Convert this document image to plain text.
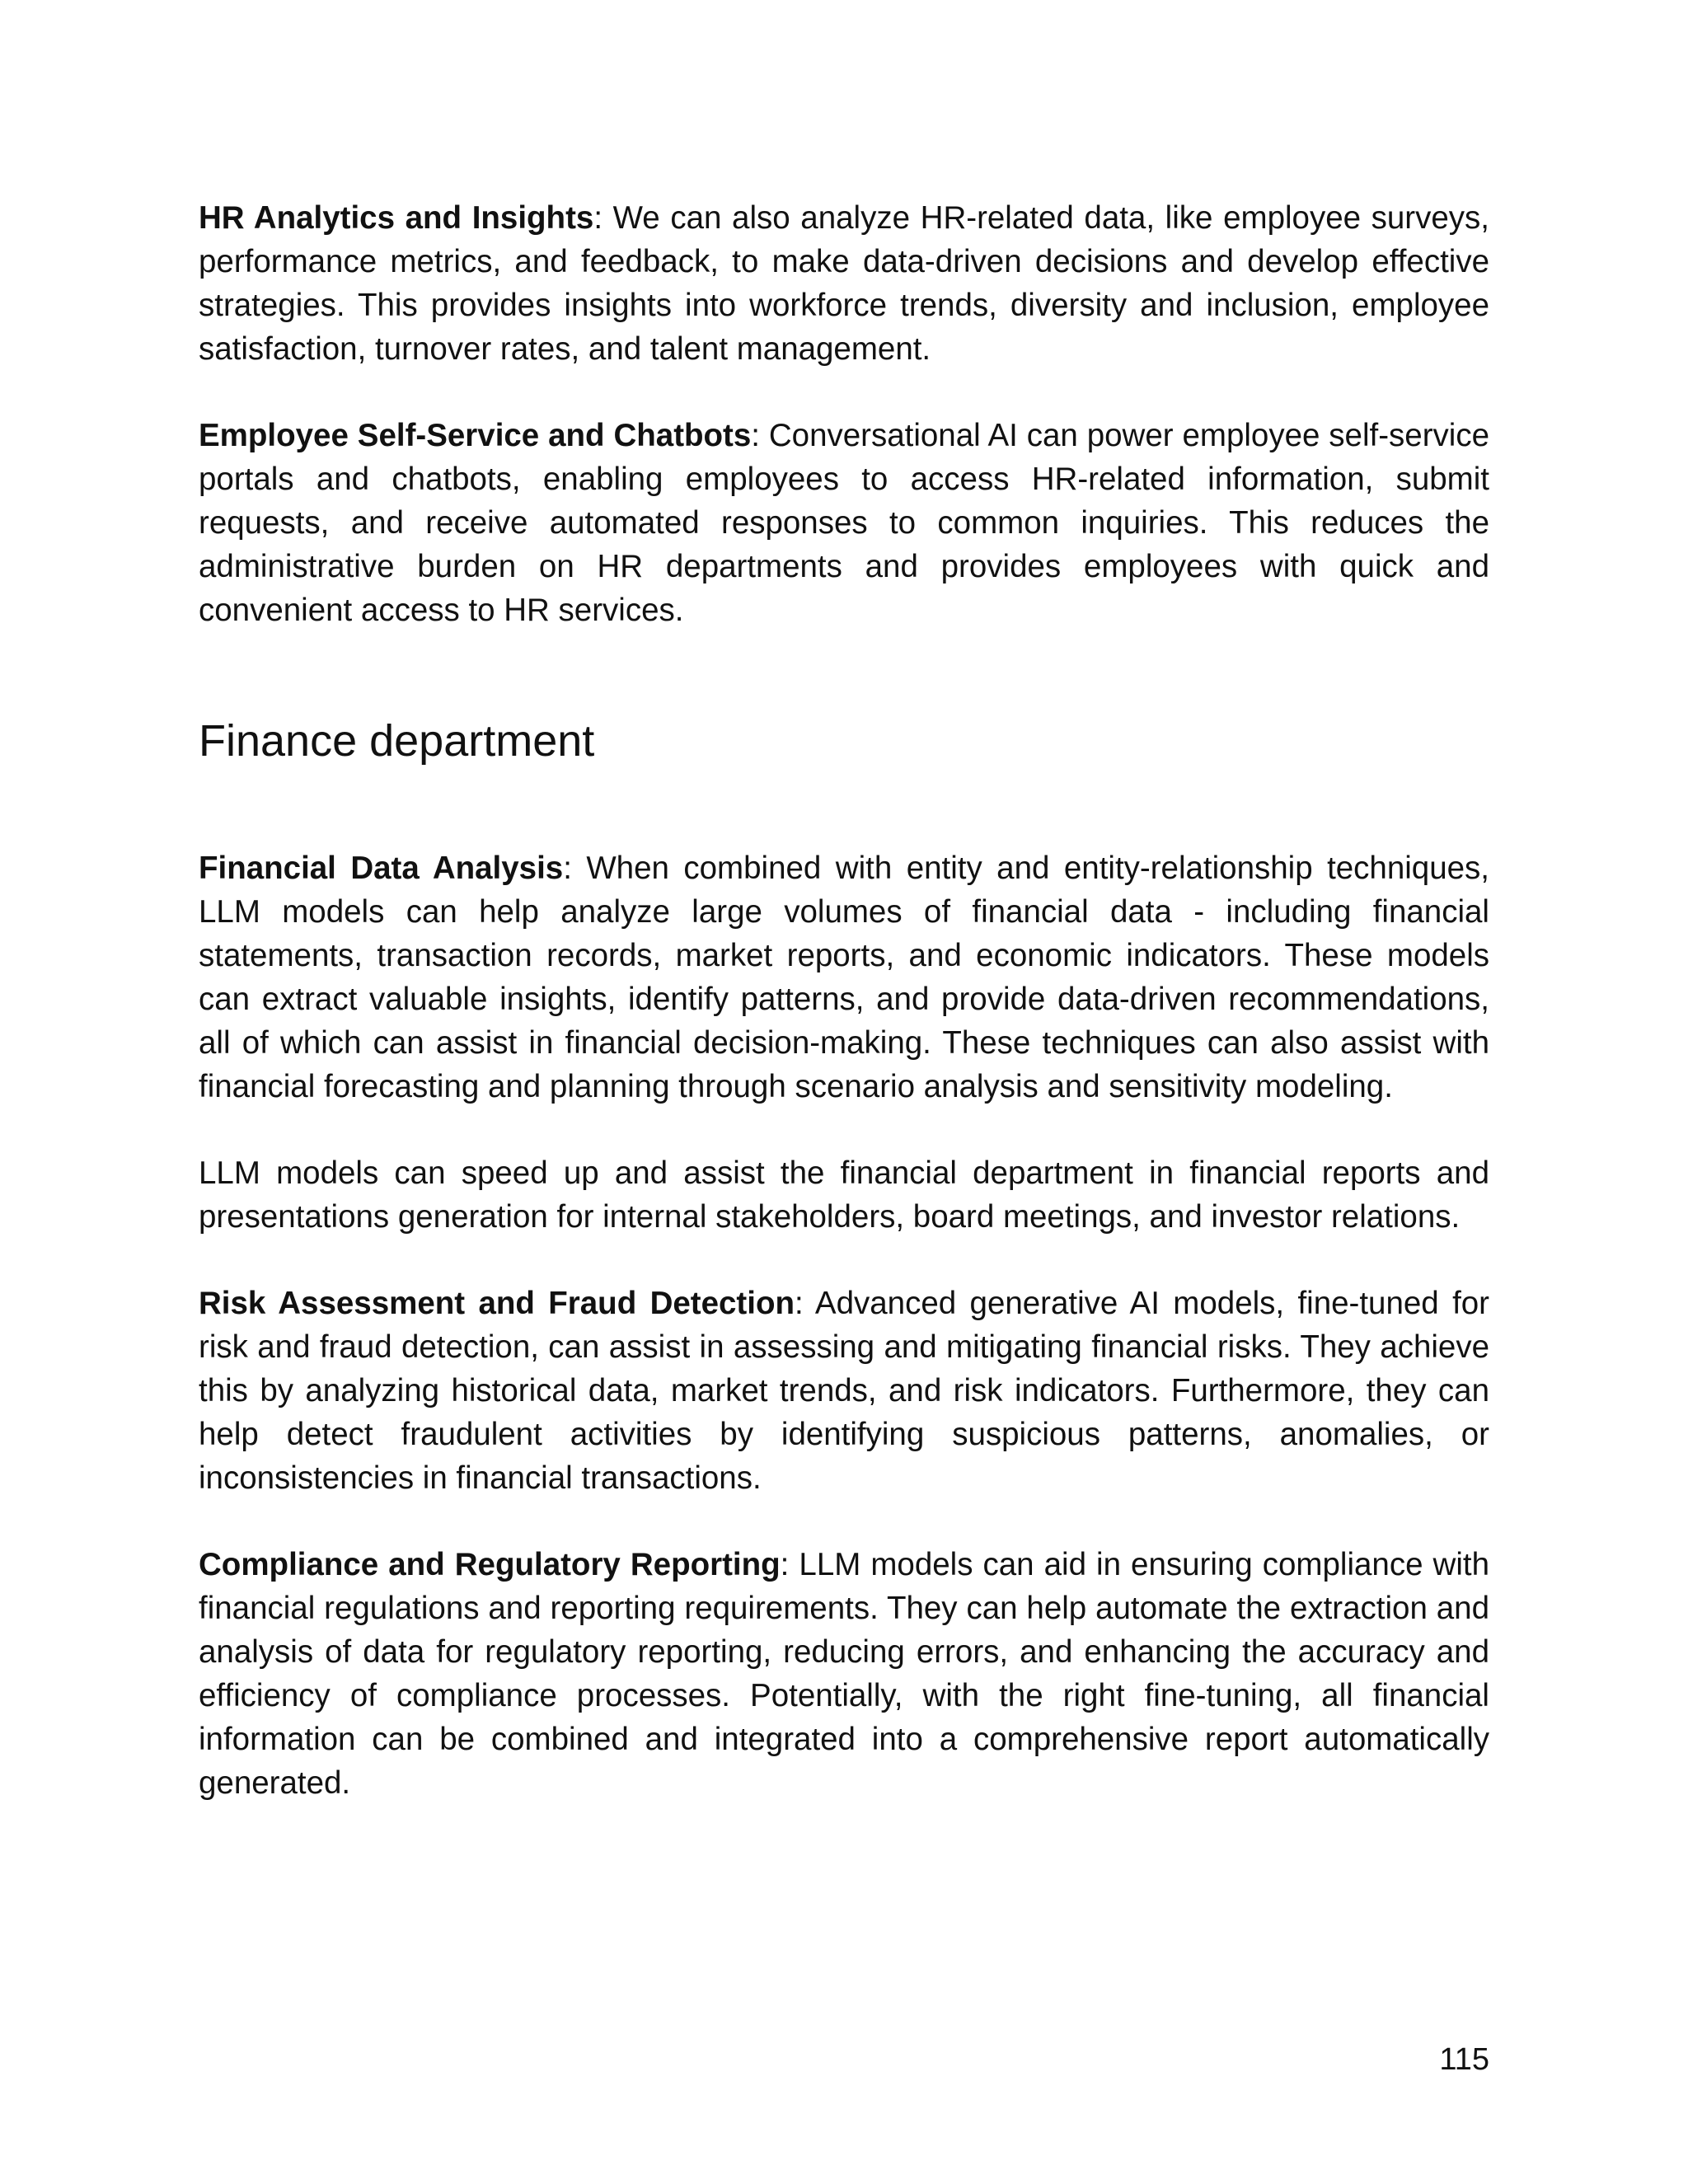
HR Analytics and Insights: We can also analyze HR-related data, like employee surveys, performance metrics, and feedback, to make data-driven decisions and develop effective strategies. This provides insights into workforce trends, diversity and inclusion, employee satisfaction, turnover rates, and talent management.

Employee Self-Service and Chatbots: Conversational AI can power employee self-service portals and chatbots, enabling employees to access HR-related information, submit requests, and receive automated responses to common inquiries. This reduces the administrative burden on HR departments and provides employees with quick and convenient access to HR services.

Finance department

Financial Data Analysis: When combined with entity and entity-relationship techniques, LLM models can help analyze large volumes of financial data - including financial statements, transaction records, market reports, and economic indicators. These models can extract valuable insights, identify patterns, and provide data-driven recommendations, all of which can assist in financial decision-making. These techniques can also assist with financial forecasting and planning through scenario analysis and sensitivity modeling.

LLM models can speed up and assist the financial department in financial reports and presentations generation for internal stakeholders, board meetings, and investor relations.

Risk Assessment and Fraud Detection: Advanced generative AI models, fine-tuned for risk and fraud detection, can assist in assessing and mitigating financial risks. They achieve this by analyzing historical data, market trends, and risk indicators. Furthermore, they can help detect fraudulent activities by identifying suspicious patterns, anomalies, or inconsistencies in financial transactions.

Compliance and Regulatory Reporting: LLM models can aid in ensuring compliance with financial regulations and reporting requirements. They can help automate the extraction and analysis of data for regulatory reporting, reducing errors, and enhancing the accuracy and efficiency of compliance processes. Potentially, with the right fine-tuning, all financial information can be combined and integrated into a comprehensive report automatically generated.

115
